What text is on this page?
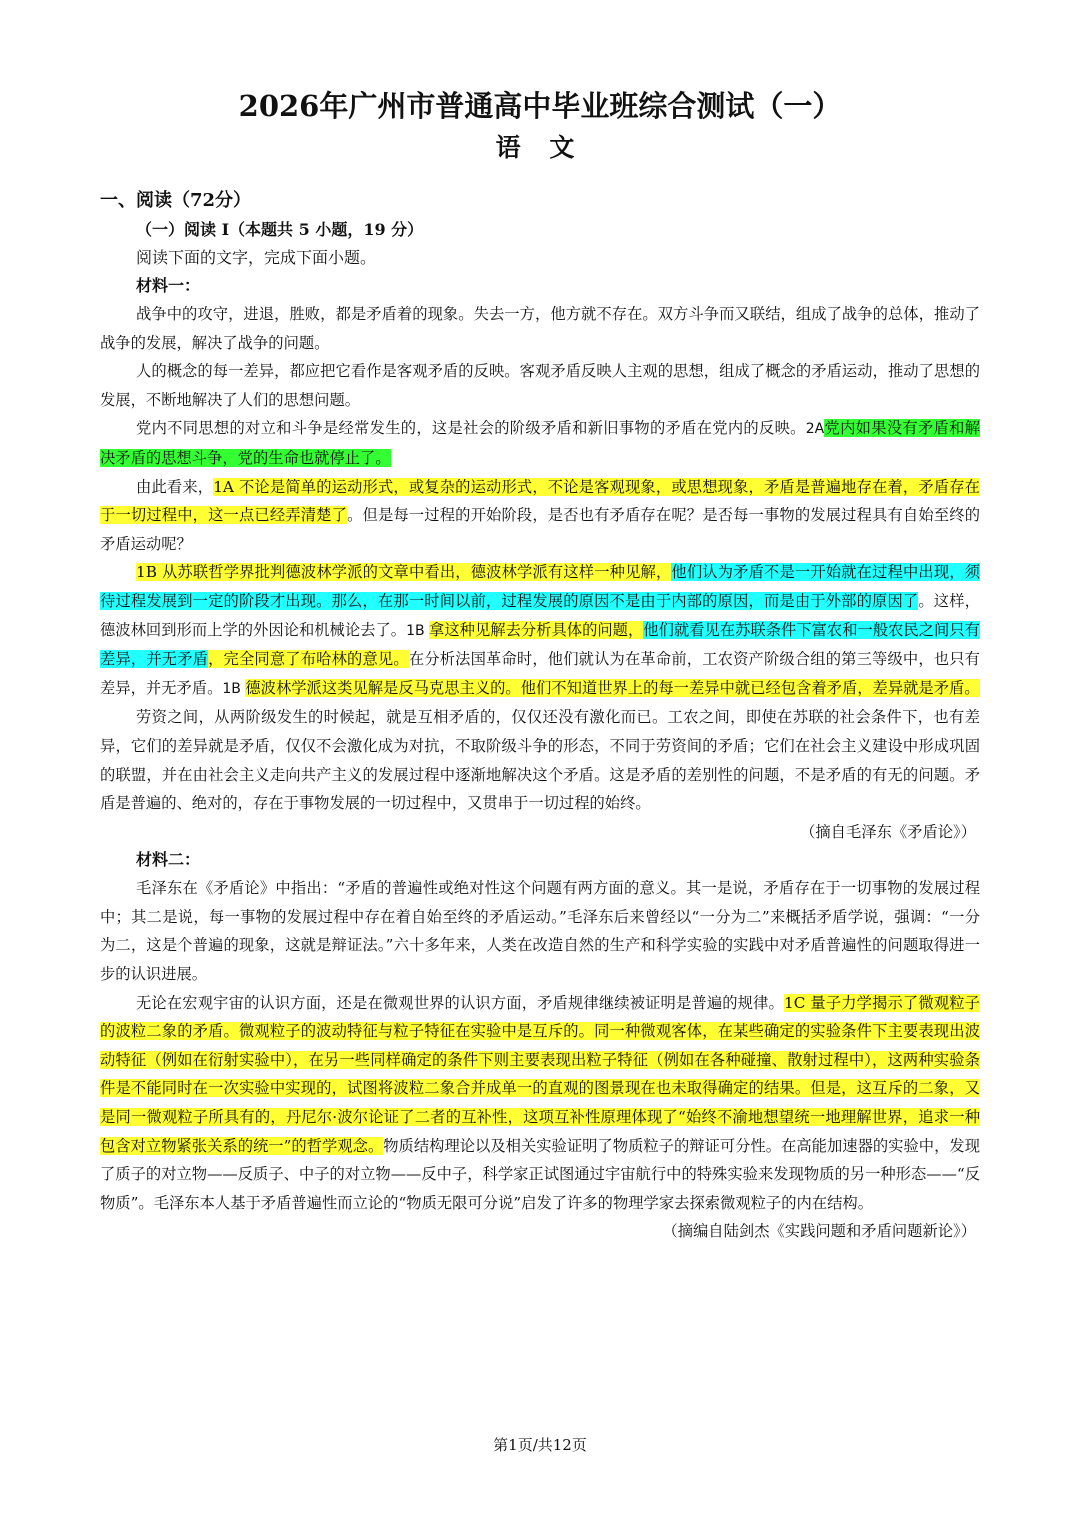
2026年广州市普通高中毕业班综合测试（一）
语 文
一、阅读（72分）
（一）阅读 I（本题共 5 小题，19 分）
阅读下面的文字，完成下面小题。
材料一：

战争中的攻守，进退，胜败，都是矛盾着的现象。失去一方，他方就不存在。双方斗争而又联结，组成了战争的总体，推动了战争的发展，解决了战争的问题。

人的概念的每一差异，都应把它看作是客观矛盾的反映。客观矛盾反映人主观的思想，组成了概念的矛盾运动，推动了思想的发展，不断地解决了人们的思想问题。

党内不同思想的对立和斗争是经常发生的，这是社会的阶级矛盾和新旧事物的矛盾在党内的反映。2A党内如果没有矛盾和解决矛盾的思想斗争，党的生命也就停止了。

由此看来，1A 不论是简单的运动形式，或复杂的运动形式，不论是客观现象，或思想现象，矛盾是普遍地存在着，矛盾存在于一切过程中，这一点已经弄清楚了。但是每一过程的开始阶段，是否也有矛盾存在呢？是否每一事物的发展过程具有自始至终的矛盾运动呢？

1B 从苏联哲学界批判德波林学派的文章中看出，德波林学派有这样一种见解，他们认为矛盾不是一开始就在过程中出现，须待过程发展到一定的阶段才出现。那么，在那一时间以前，过程发展的原因不是由于内部的原因，而是由于外部的原因了。这样，德波林回到形而上学的外因论和机械论去了。1B 拿这种见解去分析具体的问题，他们就看见在苏联条件下富农和一般农民之间只有差异，并无矛盾，完全同意了布哈林的意见。在分析法国革命时，他们就认为在革命前，工农资产阶级合组的第三等级中，也只有差异，并无矛盾。1B 德波林学派这类见解是反马克思主义的。他们不知道世界上的每一差异中就已经包含着矛盾，差异就是矛盾。

劳资之间，从两阶级发生的时候起，就是互相矛盾的，仅仅还没有激化而已。工农之间，即使在苏联的社会条件下，也有差异，它们的差异就是矛盾，仅仅不会激化成为对抗，不取阶级斗争的形态，不同于劳资间的矛盾；它们在社会主义建设中形成巩固的联盟，并在由社会主义走向共产主义的发展过程中逐渐地解决这个矛盾。这是矛盾的差别性的问题，不是矛盾的有无的问题。矛盾是普遍的、绝对的，存在于事物发展的一切过程中，又贯串于一切过程的始终。

（摘自毛泽东《矛盾论》）
材料二：

毛泽东在《矛盾论》中指出：“矛盾的普遍性或绝对性这个问题有两方面的意义。其一是说，矛盾存在于一切事物的发展过程中；其二是说，每一事物的发展过程中存在着自始至终的矛盾运动。”毛泽东后来曾经以“一分为二”来概括矛盾学说，强调：“一分为二，这是个普遍的现象，这就是辩证法。”六十多年来，人类在改造自然的生产和科学实验的实践中对矛盾普遍性的问题取得进一步的认识进展。

无论在宏观宇宙的认识方面，还是在微观世界的认识方面，矛盾规律继续被证明是普遍的规律。1C 量子力学揭示了微观粒子的波粒二象的矛盾。微观粒子的波动特征与粒子特征在实验中是互斥的。同一种微观客体，在某些确定的实验条件下主要表现出波动特征（例如在衍射实验中），在另一些同样确定的条件下则主要表现出粒子特征（例如在各种碰撞、散射过程中），这两种实验条件是不能同时在一次实验中实现的，试图将波粒二象合并成单一的直观的图景现在也未取得确定的结果。但是，这互斥的二象，又是同一微观粒子所具有的，丹尼尔·波尔论证了二者的互补性，这项互补性原理体现了“始终不渝地想望统一地理解世界，追求一种包含对立物紧张关系的统一”的哲学观念。物质结构理论以及相关实验证明了物质粒子的辩证可分性。在高能加速器的实验中，发现了质子的对立物——反质子、中子的对立物——反中子，科学家正试图通过宇宙航行中的特殊实验来发现物质的另一种形态——“反物质”。毛泽东本人基于矛盾普遍性而立论的“物质无限可分说”启发了许多的物理学家去探索微观粒子的内在结构。

（摘编自陆剑杰《实践问题和矛盾问题新论》）
第1页/共12页
